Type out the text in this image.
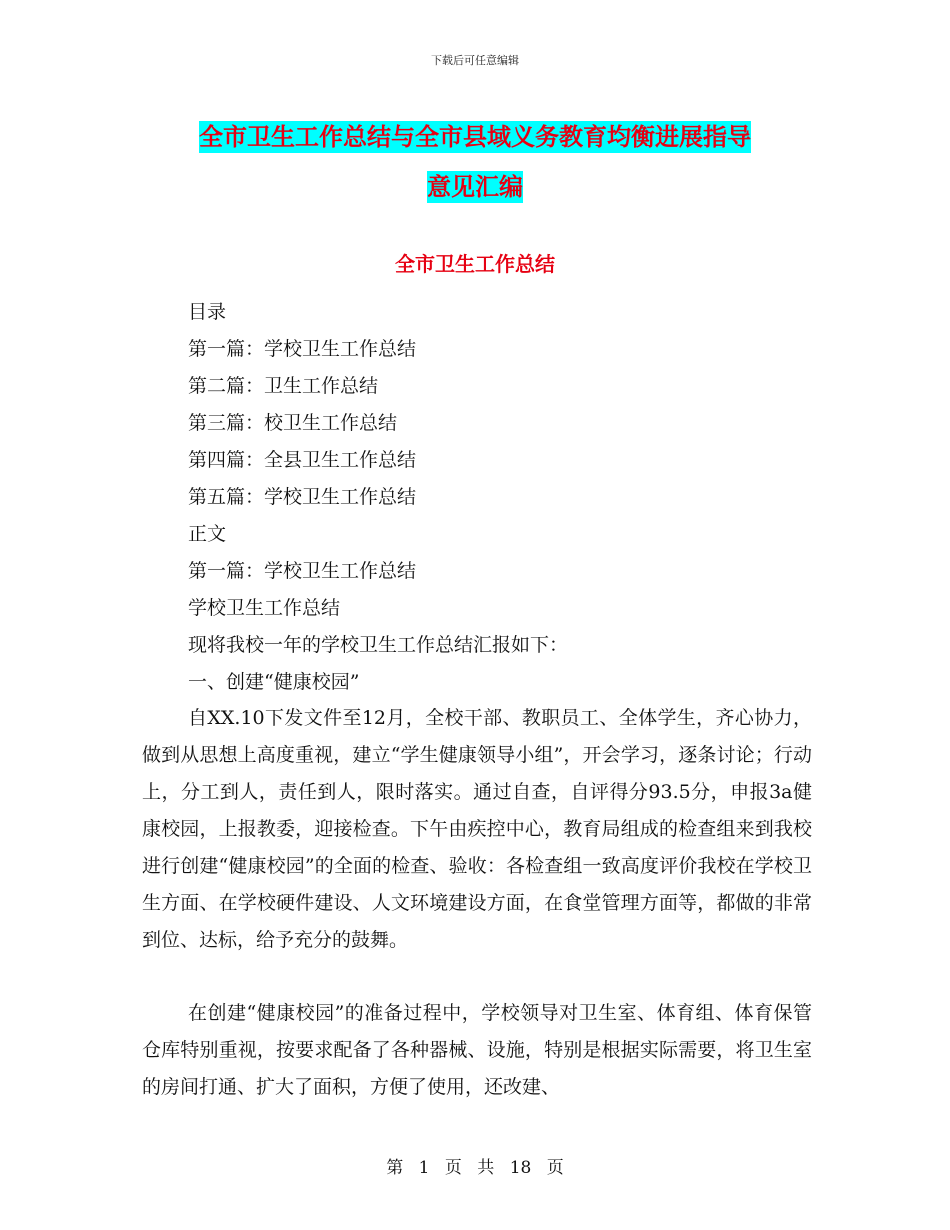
下载后可任意编辑
全市卫生工作总结与全市县域义务教育均衡进展指导
意见汇编
全市卫生工作总结
目录
第一篇：学校卫生工作总结
第二篇：卫生工作总结
第三篇：校卫生工作总结
第四篇：全县卫生工作总结
第五篇：学校卫生工作总结
正文
第一篇：学校卫生工作总结
学校卫生工作总结
现将我校一年的学校卫生工作总结汇报如下：
一、创建“健康校园”
自XX.10下发文件至12月，全校干部、教职员工、全体学生，齐心协力，做到从思想上高度重视，建立“学生健康领导小组”，开会学习，逐条讨论；行动上，分工到人，责任到人，限时落实。通过自查，自评得分93.5分，申报3a健康校园，上报教委，迎接检查。下午由疾控中心，教育局组成的检查组来到我校进行创建“健康校园”的全面的检查、验收：各检查组一致高度评价我校在学校卫生方面、在学校硬件建设、人文环境建设方面，在食堂管理方面等，都做的非常到位、达标，给予充分的鼓舞。
在创建“健康校园”的准备过程中，学校领导对卫生室、体育组、体育保管仓库特别重视，按要求配备了各种器械、设施，特别是根据实际需要，将卫生室的房间打通、扩大了面积，方便了使用，还改建、
第 1 页 共 18 页
